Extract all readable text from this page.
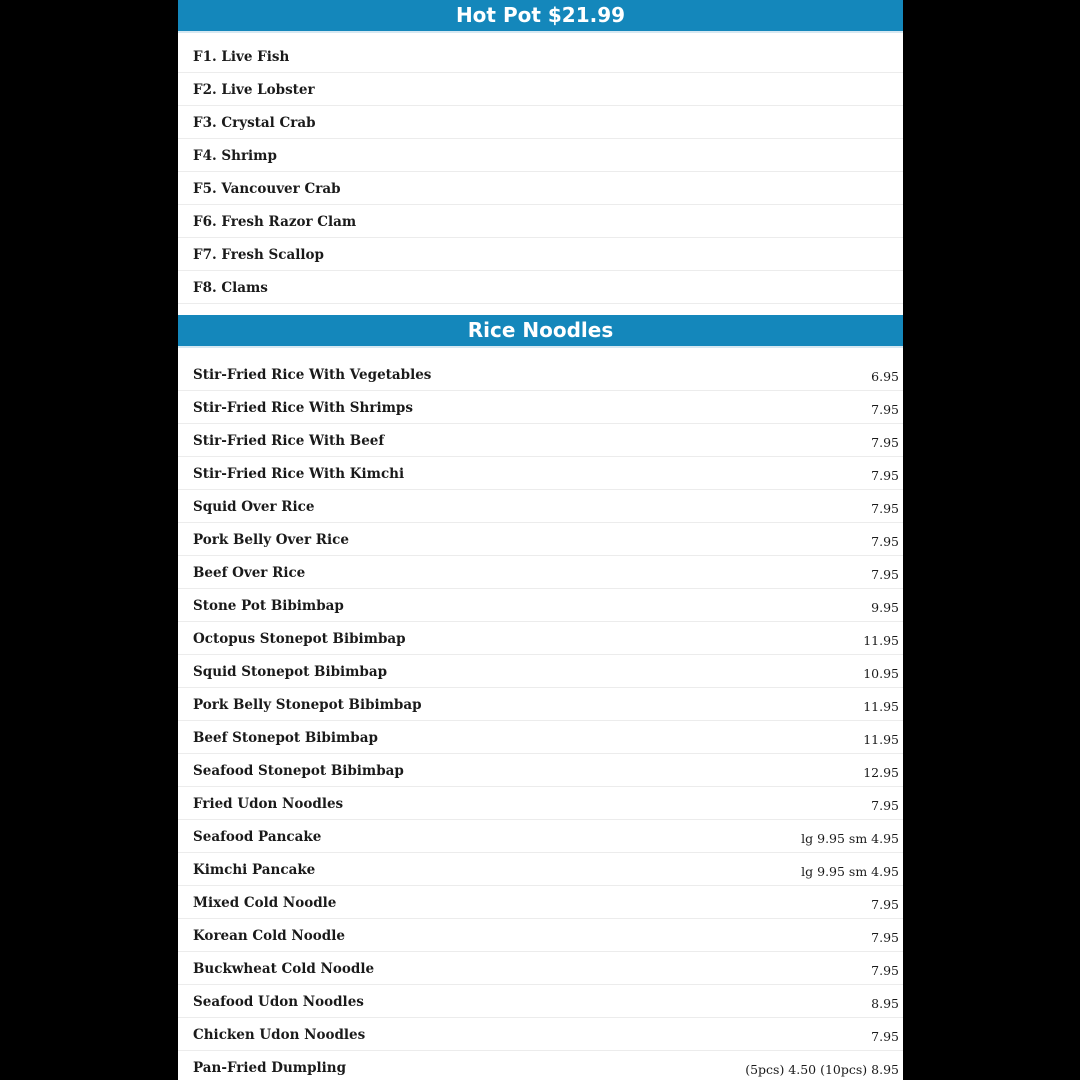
Hot Pot $21.99
F1. Live Fish
F2. Live Lobster
F3. Crystal Crab
F4. Shrimp
F5. Vancouver Crab
F6. Fresh Razor Clam
F7. Fresh Scallop
F8. Clams
Rice Noodles
Stir-Fried Rice With Vegetables	6.95
Stir-Fried Rice With Shrimps	7.95
Stir-Fried Rice With Beef	7.95
Stir-Fried Rice With Kimchi	7.95
Squid Over Rice	7.95
Pork Belly Over Rice	7.95
Beef Over Rice	7.95
Stone Pot Bibimbap	9.95
Octopus Stonepot Bibimbap	11.95
Squid Stonepot Bibimbap	10.95
Pork Belly Stonepot Bibimbap	11.95
Beef Stonepot Bibimbap	11.95
Seafood Stonepot Bibimbap	12.95
Fried Udon Noodles	7.95
Seafood Pancake	lg 9.95 sm 4.95
Kimchi Pancake	lg 9.95 sm 4.95
Mixed Cold Noodle	7.95
Korean Cold Noodle	7.95
Buckwheat Cold Noodle	7.95
Seafood Udon Noodles	8.95
Chicken Udon Noodles	7.95
Pan-Fried Dumpling	(5pcs) 4.50 (10pcs) 8.95
